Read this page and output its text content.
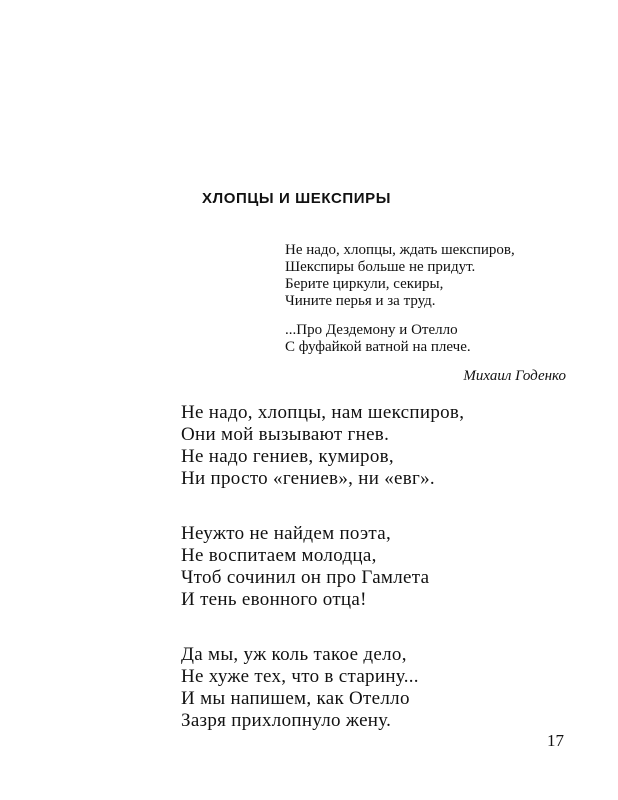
ХЛОПЦЫ И ШЕКСПИРЫ
Не надо, хлопцы, ждать шекспиров,
Шекспиры больше не придут.
Берите циркули, секиры,
Чините перья и за труд.
...Про Дездемону и Отелло
С фуфайкой ватной на плече.
Михаил Годенко
Не надо, хлопцы, нам шекспиров,
Они мой вызывают гнев.
Не надо гениев, кумиров,
Ни просто «гениев», ни «евг».
Неужто не найдем поэта,
Не воспитаем молодца,
Чтоб сочинил он про Гамлета
И тень евонного отца!
Да мы, уж коль такое дело,
Не хуже тех, что в старину...
И мы напишем, как Отелло
Зазря прихлопнуло жену.
17
